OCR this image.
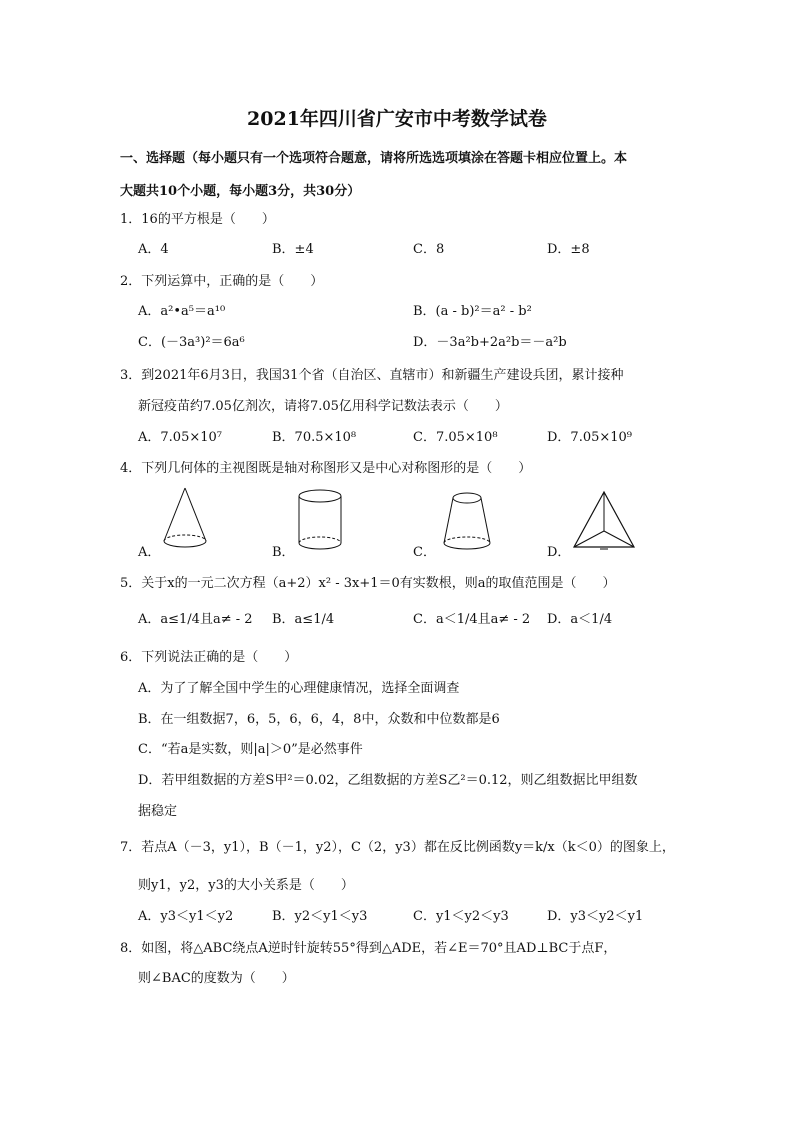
2021年四川省广安市中考数学试卷
一、选择题（每小题只有一个选项符合题意，请将所选选项填涂在答题卡相应位置上。本
大题共10个小题，每小题3分，共30分）
1．16的平方根是（　　）
A．4	B．±4	C．8	D．±8
2．下列运算中，正确的是（　　）
A．a²•a⁵＝a¹⁰	B．(a - b)²＝a² - b²
C．(－3a³)²＝6a⁶	D．－3a²b+2a²b＝－a²b
3．到2021年6月3日，我国31个省（自治区、直辖市）和新疆生产建设兵团，累计接种
新冠疫苗约7.05亿剂次，请将7.05亿用科学记数法表示（　　）
A．7.05×10⁷	B．70.5×10⁸	C．7.05×10⁸	D．7.05×10⁹
4．下列几何体的主视图既是轴对称图形又是中心对称图形的是（　　）
A．	B．	C．	D．
5．关于x的一元二次方程（a+2）x² - 3x+1＝0有实数根，则a的取值范围是（　　）
A．a≤1/4且a≠ - 2 B．a≤1/4	C．a＜1/4且a≠ - 2 D．a＜1/4
6．下列说法正确的是（　　）
A．为了了解全国中学生的心理健康情况，选择全面调查
B．在一组数据7，6，5，6，6，4，8中，众数和中位数都是6
C．“若a是实数，则|a|＞0”是必然事件
D．若甲组数据的方差S甲²＝0.02，乙组数据的方差S乙²＝0.12，则乙组数据比甲组数
据稳定
7．若点A（－3，y1），B（－1，y2），C（2，y3）都在反比例函数y＝k/x（k＜0）的图象上，
则y1，y2，y3的大小关系是（　　）
A．y3＜y1＜y2	B．y2＜y1＜y3	C．y1＜y2＜y3	D．y3＜y2＜y1
8．如图，将△ABC绕点A逆时针旋转55°得到△ADE，若∠E＝70°且AD⊥BC于点F，
则∠BAC的度数为（　　）
